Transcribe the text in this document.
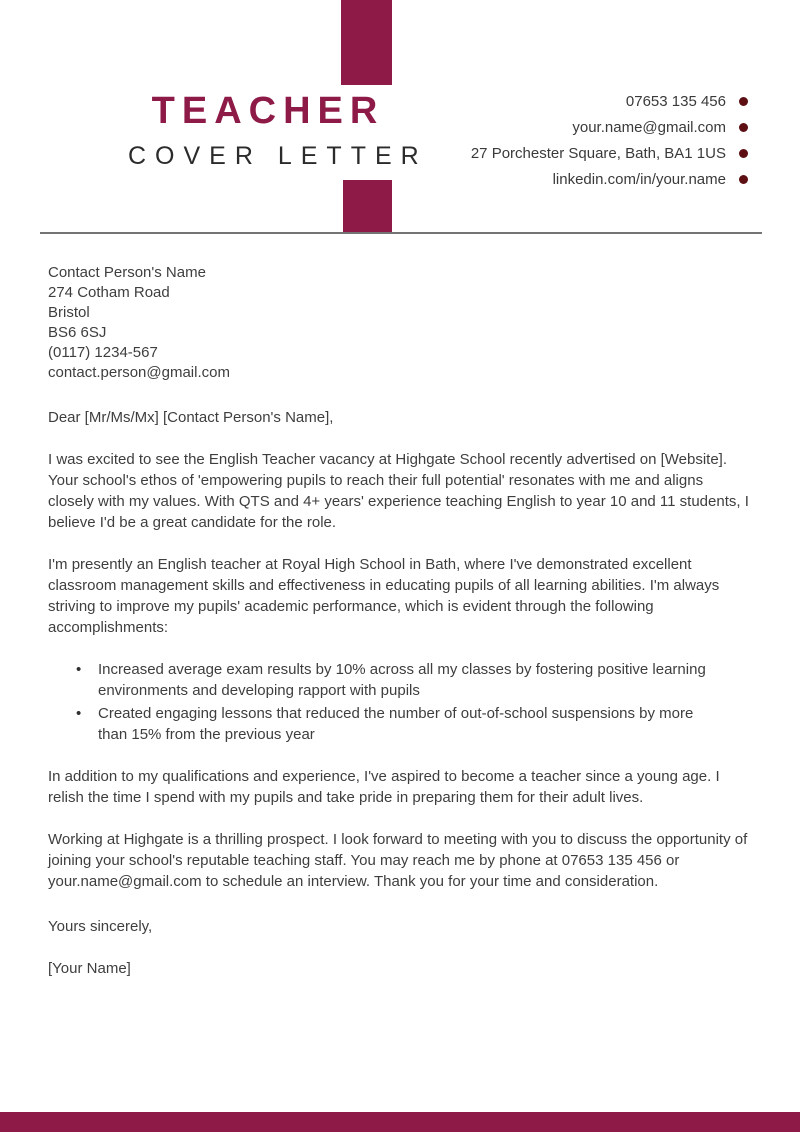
TEACHER
COVER LETTER
07653 135 456
your.name@gmail.com
27 Porchester Square, Bath, BA1 1US
linkedin.com/in/your.name
Contact Person's Name
274 Cotham Road
Bristol
BS6 6SJ
(0117) 1234-567
contact.person@gmail.com
Dear [Mr/Ms/Mx] [Contact Person's Name],
I was excited to see the English Teacher vacancy at Highgate School recently advertised on [Website]. Your school's ethos of 'empowering pupils to reach their full potential' resonates with me and aligns closely with my values. With QTS and 4+ years' experience teaching English to year 10 and 11 students, I believe I'd be a great candidate for the role.
I'm presently an English teacher at Royal High School in Bath, where I've demonstrated excellent classroom management skills and effectiveness in educating pupils of all learning abilities. I'm always striving to improve my pupils' academic performance, which is evident through the following accomplishments:
• Increased average exam results by 10% across all my classes by fostering positive learning environments and developing rapport with pupils
• Created engaging lessons that reduced the number of out-of-school suspensions by more than 15% from the previous year
In addition to my qualifications and experience, I've aspired to become a teacher since a young age. I relish the time I spend with my pupils and take pride in preparing them for their adult lives.
Working at Highgate is a thrilling prospect. I look forward to meeting with you to discuss the opportunity of joining your school's reputable teaching staff. You may reach me by phone at 07653 135 456 or your.name@gmail.com to schedule an interview. Thank you for your time and consideration.
Yours sincerely,
[Your Name]
